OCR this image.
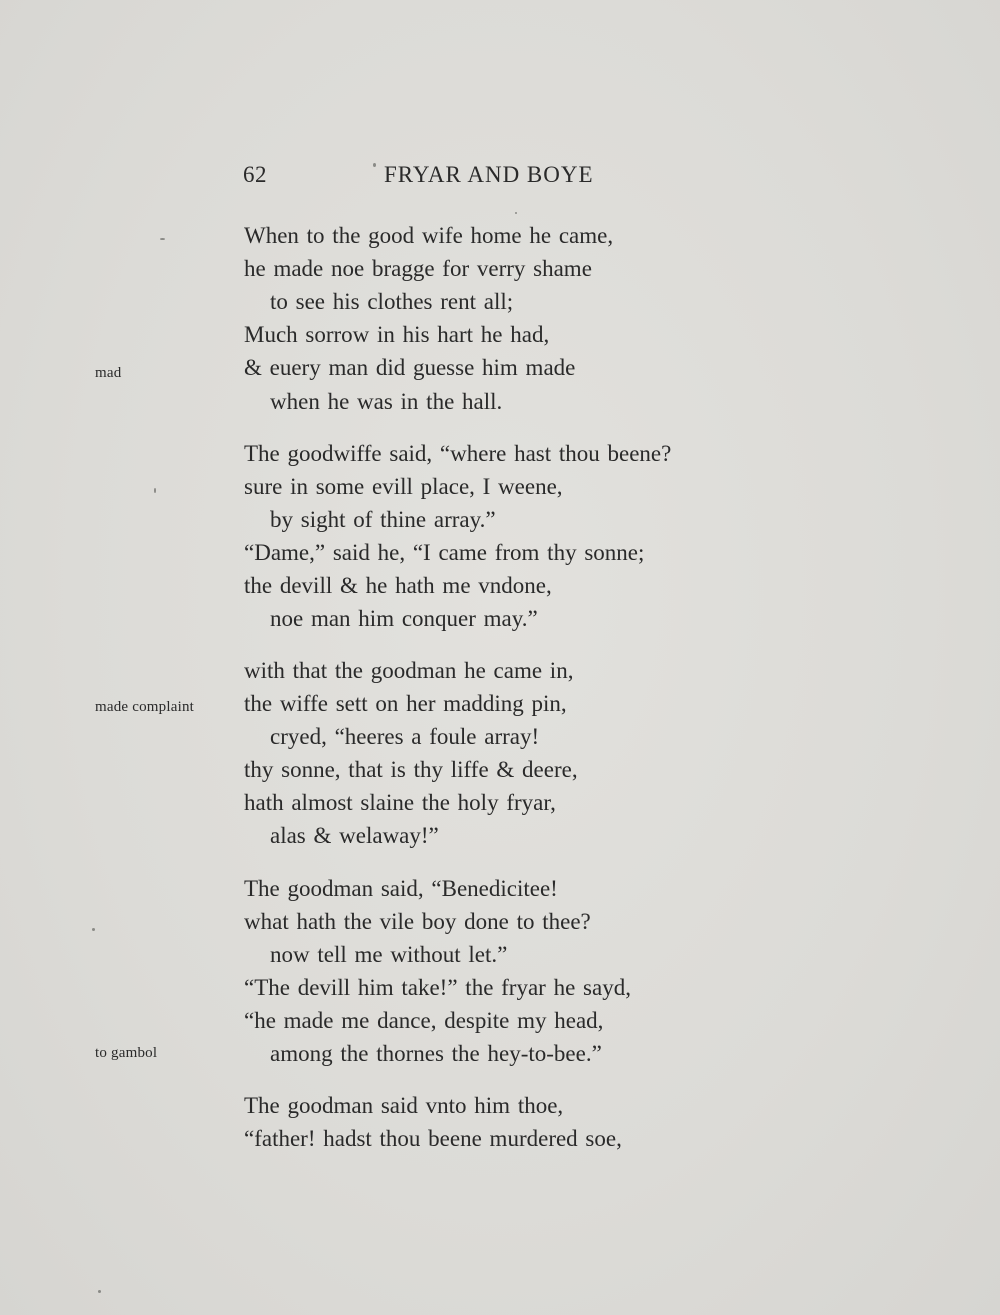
62	FRYAR AND BOYE
When to the good wife home he came,
he made noe bragge for verry shame
to see his clothes rent all;
Much sorrow in his hart he had,
& euery man did guesse him made
when he was in the hall.
The goodwiffe said, “where hast thou beene?
sure in some evill place, I weene,
by sight of thine array.”
“Dame,” said he, “I came from thy sonne;
the devill & he hath me vndone,
noe man him conquer may.”
with that the goodman he came in,
the wiffe sett on her madding pin,
cryed, “heeres a foule array!
thy sonne, that is thy liffe & deere,
hath almost slaine the holy fryar,
alas & welaway!”
The goodman said, “Benedicitee!
what hath the vile boy done to thee?
now tell me without let.”
“The devill him take!” the fryar he sayd,
“he made me dance, despite my head,
among the thornes the hey-to-bee.”
The goodman said vnto him thoe,
“father! hadst thou beene murdered soe,
mad
made complaint
to gambol
